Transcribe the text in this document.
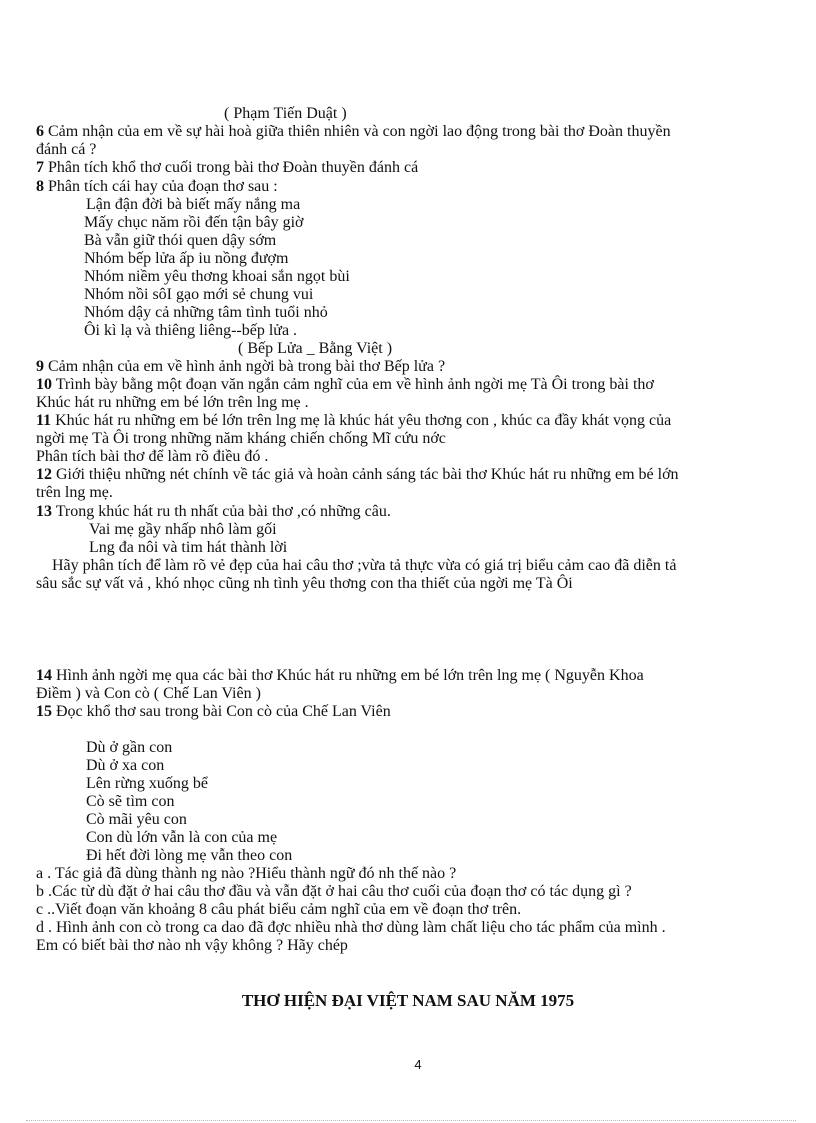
( Phạm Tiến Duật )
6 Cảm nhận của em về sự hài hoà giữa thiên nhiên và con ngời lao động trong bài thơ Đoàn thuyền
đánh cá ?
7 Phân tích khổ thơ cuối trong bài thơ Đoàn thuyền đánh cá
8 Phân tích cái hay của đoạn thơ sau :
Lận đận đời bà biết mấy nắng ma
Mấy chục năm rồi đến tận bây giờ
Bà vẫn giữ thói quen dậy sớm
Nhóm bếp lửa ấp iu nồng đượm
Nhóm niềm yêu thơng khoai sắn ngọt bùi
Nhóm nồi sôI gạo mới sẻ chung vui
Nhóm dậy cả những tâm tình tuổi nhỏ
Ôi kì lạ và thiêng liêng--bếp lửa .
( Bếp Lửa _ Bằng Việt )
9 Cảm nhận của em về hình ảnh ngời bà trong bài thơ Bếp lửa ?
10 Trình bày bằng một đoạn văn ngắn cảm nghĩ của em về hình ảnh ngời mẹ Tà Ôi trong bài thơ
Khúc hát ru những em bé lớn trên lng mẹ .
11 Khúc hát ru những em bé lớn trên lng mẹ là khúc hát yêu thơng con , khúc ca đầy khát vọng của
ngời mẹ Tà Ôi trong những năm kháng chiến chống Mĩ cứu nớc
Phân tích bài thơ để làm rõ điều đó .
12 Giới thiệu những nét chính về tác giả và hoàn cảnh sáng tác bài thơ Khúc hát ru những em bé lớn
trên lng mẹ.
13 Trong khúc hát ru th nhất của bài thơ ,có những câu.
Vai mẹ gầy nhấp nhô làm gối
Lng đa nôi và tim hát thành lời
Hãy phân tích để làm rõ vẻ đẹp của hai câu thơ ;vừa tả thực vừa có giá trị biểu cảm cao đã diễn tả
sâu sắc sự vất vả , khó nhọc cũng nh tình yêu thơng con tha thiết của ngời mẹ Tà Ôi
14 Hình ảnh ngời mẹ qua các bài thơ Khúc hát ru những em bé lớn trên lng mẹ ( Nguyễn Khoa
Điềm ) và Con cò ( Chế Lan Viên )
15 Đọc khổ thơ sau trong bài Con cò của Chế Lan Viên
Dù ở gần con
Dù ở xa con
Lên rừng xuống bể
Cò sẽ tìm con
Cò mãi yêu con
Con dù lớn vẫn là con của mẹ
Đi hết đời lòng mẹ vẫn theo con
a . Tác giả đã dùng thành ng nào ?Hiểu thành ngữ đó nh thế nào ?
b .Các từ dù đặt ở hai câu thơ đầu và vẫn đặt ở hai câu thơ cuối của đoạn thơ có tác dụng gì ?
c ..Viết đoạn văn khoảng 8 câu phát biểu cảm nghĩ của em về đoạn thơ trên.
d . Hình ảnh con cò trong ca dao đã đợc nhiều nhà thơ dùng làm chất liệu cho tác phẩm của mình .
Em có biết bài thơ nào nh vậy không ? Hãy chép
THƠ HIỆN ĐẠI VIỆT NAM SAU NĂM 1975
4
